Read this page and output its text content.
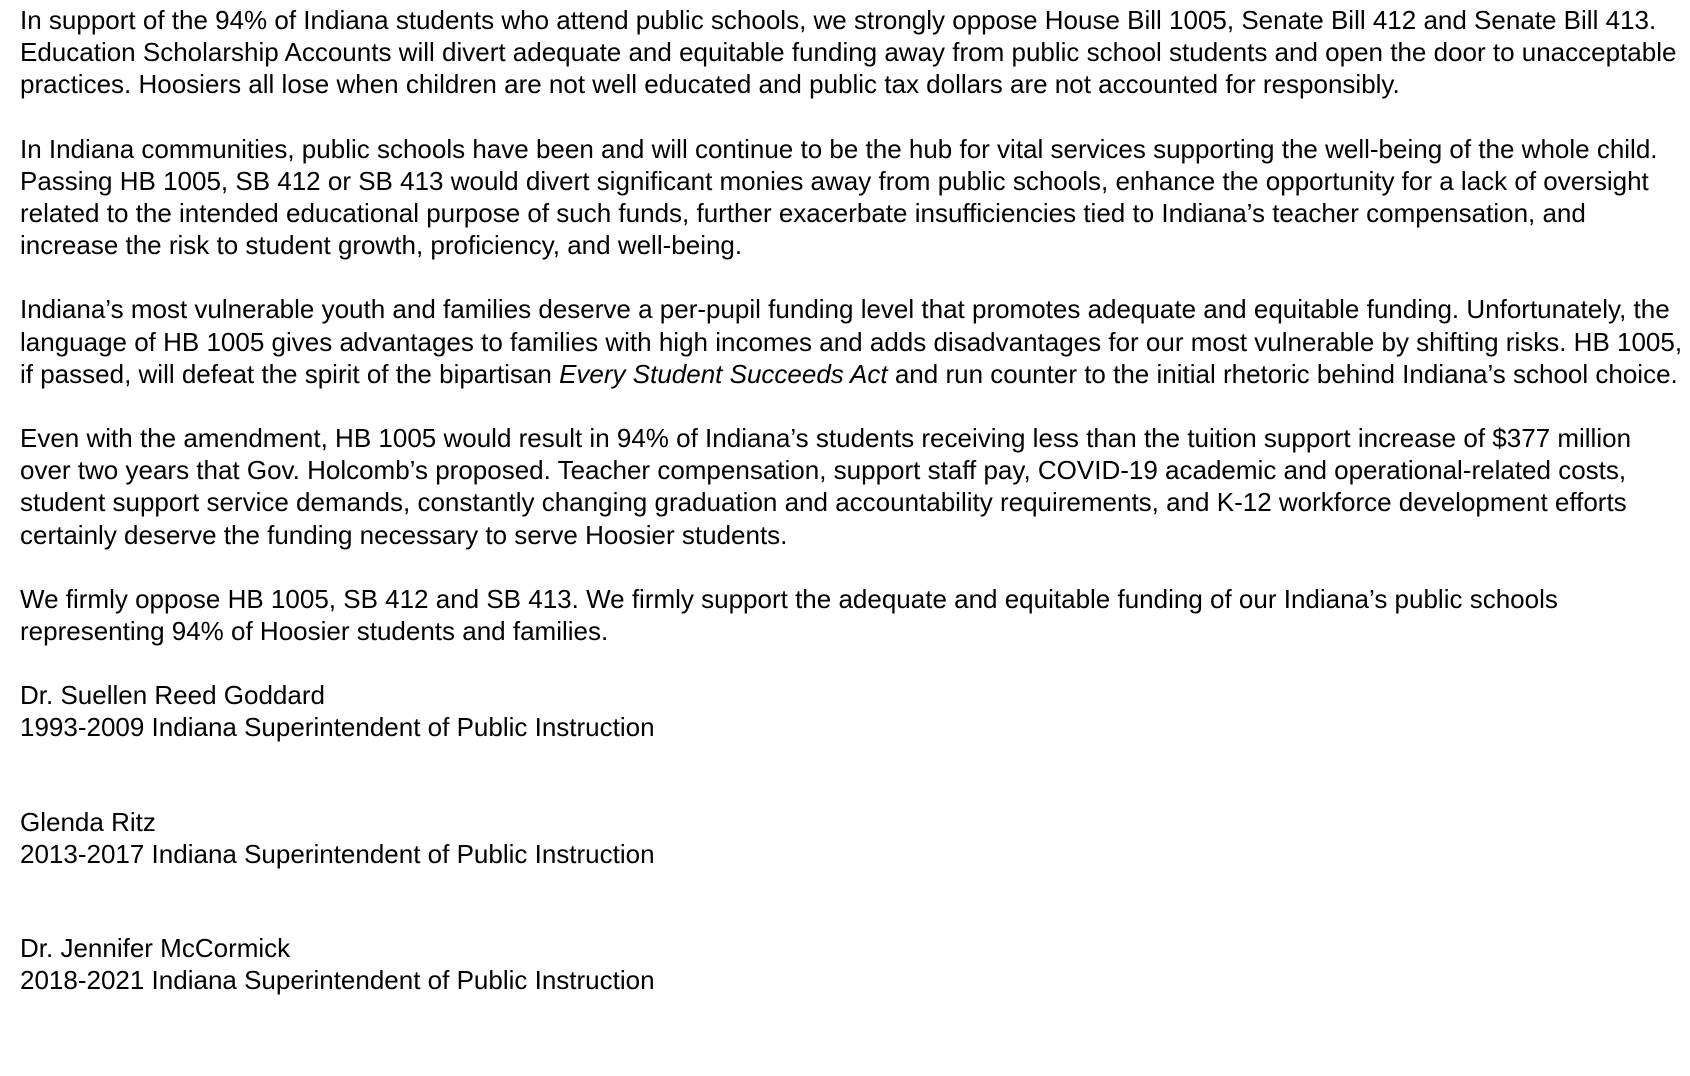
In support of the 94% of Indiana students who attend public schools, we strongly oppose House Bill 1005, Senate Bill 412 and Senate Bill 413. Education Scholarship Accounts will divert adequate and equitable funding away from public school students and open the door to unacceptable practices. Hoosiers all lose when children are not well educated and public tax dollars are not accounted for responsibly.

In Indiana communities, public schools have been and will continue to be the hub for vital services supporting the well-being of the whole child. Passing HB 1005, SB 412 or SB 413 would divert significant monies away from public schools, enhance the opportunity for a lack of oversight related to the intended educational purpose of such funds, further exacerbate insufficiencies tied to Indiana’s teacher compensation, and increase the risk to student growth, proficiency, and well-being.

Indiana’s most vulnerable youth and families deserve a per-pupil funding level that promotes adequate and equitable funding. Unfortunately, the language of HB 1005 gives advantages to families with high incomes and adds disadvantages for our most vulnerable by shifting risks. HB 1005, if passed, will defeat the spirit of the bipartisan Every Student Succeeds Act and run counter to the initial rhetoric behind Indiana’s school choice.

Even with the amendment, HB 1005 would result in 94% of Indiana’s students receiving less than the tuition support increase of $377 million over two years that Gov. Holcomb’s proposed. Teacher compensation, support staff pay, COVID-19 academic and operational-related costs, student support service demands, constantly changing graduation and accountability requirements, and K-12 workforce development efforts certainly deserve the funding necessary to serve Hoosier students.

We firmly oppose HB 1005, SB 412 and SB 413. We firmly support the adequate and equitable funding of our Indiana’s public schools representing 94% of Hoosier students and families.

Dr. Suellen Reed Goddard
1993-2009 Indiana Superintendent of Public Instruction
Glenda Ritz
2013-2017 Indiana Superintendent of Public Instruction
Dr. Jennifer McCormick
2018-2021 Indiana Superintendent of Public Instruction
